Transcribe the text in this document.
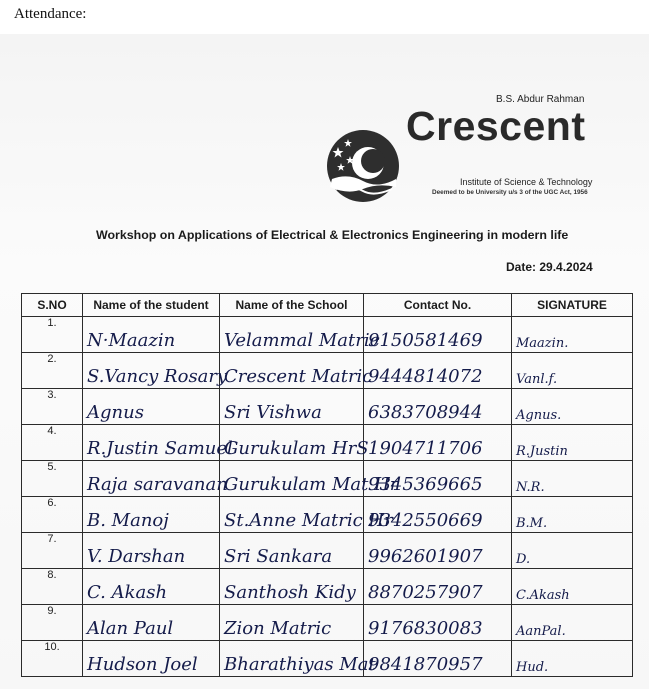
Attendance:
B.S. Abdur Rahman
Crescent
Institute of Science & Technology
Deemed to be University u/s 3 of the UGC Act, 1956
Workshop on Applications of Electrical & Electronics Engineering in modern life
Date: 29.4.2024
S.NO	Name of the student	Name of the School	Contact No.	SIGNATURE
1.	N·Maazin	Velammal Matric	9150581469	Maazin.

2.	S.Vancy Rosary	Crescent Matric	9444814072	Vanl.f.

3.	Agnus	Sri Vishwa	6383708944	Agnus.

4.	R.Justin Samuel	Gurukulam HrS	1904711706	R.Justin

5.	Raja saravanan	Gurukulam Mat Hr	9345369665	N.R.

6.	B. Manoj	St.Anne Matric Hr	9342550669	B.M.

7.	V. Darshan	Sri Sankara	9962601907	D.

8.	C. Akash	Santhosh Kidy	8870257907	C.Akash

9.	Alan Paul	Zion Matric	9176830083	AanPal.

10.	Hudson Joel	Bharathiyas Mat	9841870957	Hud.
